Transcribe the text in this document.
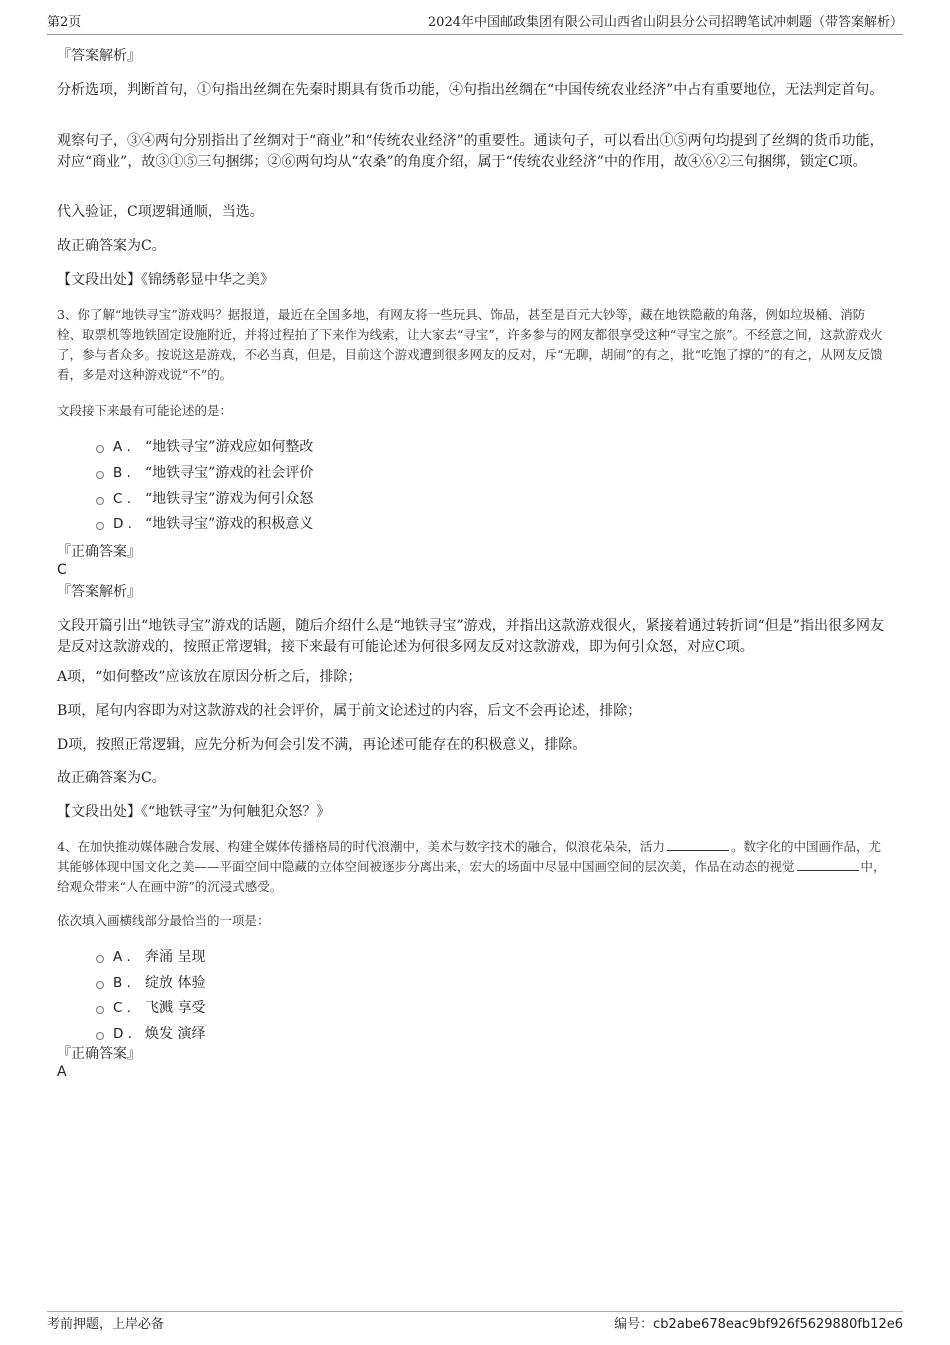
第2页	2024年中国邮政集团有限公司山西省山阴县分公司招聘笔试冲刺题（带答案解析）
『答案解析』
分析选项，判断首句，①句指出丝绸在先秦时期具有货币功能，④句指出丝绸在“中国传统农业经济”中占有重要地位，无法判定首句。
观察句子，③④两句分别指出了丝绸对于“商业”和“传统农业经济”的重要性。通读句子，可以看出①⑤两句均提到了丝绸的货币功能，对应“商业”，故③①⑤三句捆绑；②⑥两句均从“农桑”的角度介绍，属于“传统农业经济”中的作用，故④⑥②三句捆绑，锁定C项。
代入验证，C项逻辑通顺，当选。
故正确答案为C。
【文段出处】《锦绣彰显中华之美》
3、你了解“地铁寻宝”游戏吗？据报道，最近在全国多地，有网友将一些玩具、饰品，甚至是百元大钞等，藏在地铁隐蔽的角落，例如垃圾桶、消防栓、取票机等地铁固定设施附近，并将过程拍了下来作为线索，让大家去“寻宝”，许多参与的网友都很享受这种“寻宝之旅”。不经意之间，这款游戏火了，参与者众多。按说这是游戏，不必当真，但是，目前这个游戏遭到很多网友的反对，斥“无聊，胡闹”的有之，批“吃饱了撑的”的有之，从网友反馈看，多是对这种游戏说“不”的。
文段接下来最有可能论述的是：
A .	“地铁寻宝”游戏应如何整改
B .	“地铁寻宝”游戏的社会评价
C . “地铁寻宝”游戏为何引众怒
D . “地铁寻宝”游戏的积极意义
『正确答案』
C
『答案解析』
文段开篇引出“地铁寻宝”游戏的话题，随后介绍什么是“地铁寻宝”游戏，并指出这款游戏很火，紧接着通过转折词“但是”指出很多网友是反对这款游戏的，按照正常逻辑，接下来最有可能论述为何很多网友反对这款游戏，即为何引众怒，对应C项。
A项，“如何整改”应该放在原因分析之后，排除；
B项，尾句内容即为对这款游戏的社会评价，属于前文论述过的内容，后文不会再论述，排除；
D项，按照正常逻辑，应先分析为何会引发不满，再论述可能存在的积极意义，排除。
故正确答案为C。
【文段出处】《“地铁寻宝”为何触犯众怒？》
4、在加快推动媒体融合发展、构建全媒体传播格局的时代浪潮中，美术与数字技术的融合，似浪花朵朵，活力	。数字化的中国画作品，尤其能够体现中国文化之美——平面空间中隐藏的立体空间被逐步分离出来，宏大的场面中尽显中国画空间的层次美，作品在动态的视觉	中，给观众带来“人在画中游”的沉浸式感受。
依次填入画横线部分最恰当的一项是：
A .	奔涌 呈现
B .	绽放 体验
C . 飞溅 享受
D . 焕发 演绎
『正确答案』
A
考前押题，上岸必备	编号：cb2abe678eac9bf926f5629880fb12e6
